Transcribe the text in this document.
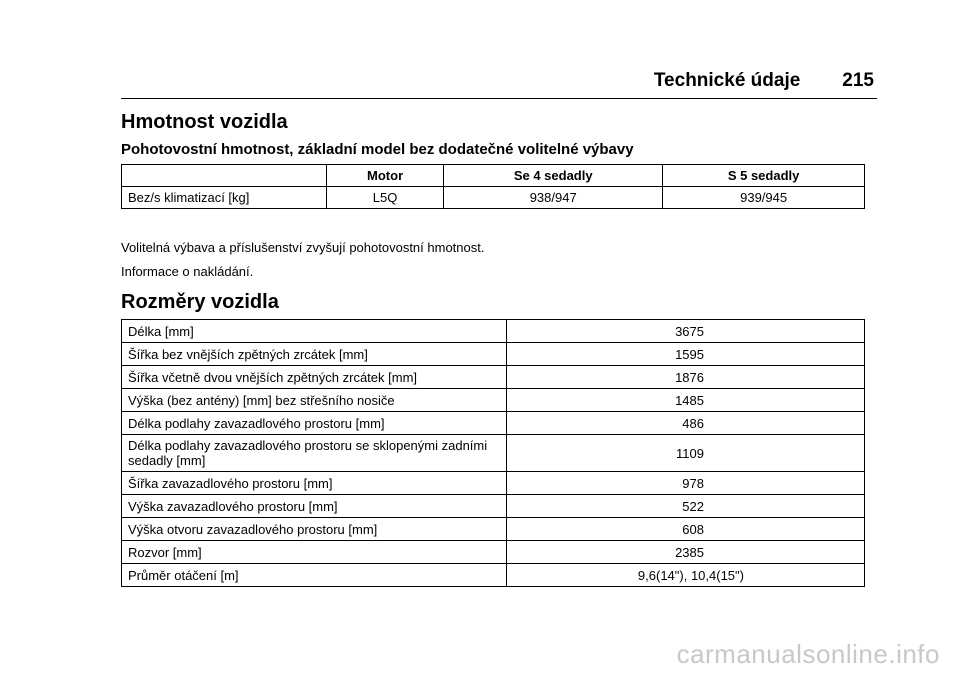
Technické údaje 215
Hmotnost vozidla
Pohotovostní hmotnost, základní model bez dodatečné volitelné výbavy
	Motor	Se 4 sedadly	S 5 sedadly
Bez/s klimatizací [kg]	L5Q	938/947	939/945
Volitelná výbava a příslušenství zvyšují pohotovostní hmotnost.
Informace o nakládání.
Rozměry vozidla
Délka [mm]	3675
Šířka bez vnějších zpětných zrcátek [mm]	1595
Šířka včetně dvou vnějších zpětných zrcátek [mm]	1876
Výška (bez antény) [mm] bez střešního nosiče	1485
Délka podlahy zavazadlového prostoru [mm]	486
Délka podlahy zavazadlového prostoru se sklopenými zadními sedadly [mm]	1109
Šířka zavazadlového prostoru [mm]	978
Výška zavazadlového prostoru [mm]	522
Výška otvoru zavazadlového prostoru [mm]	608
Rozvor [mm]	2385
Průměr otáčení [m]	9,6(14"), 10,4(15")
carmanualsonline.info
